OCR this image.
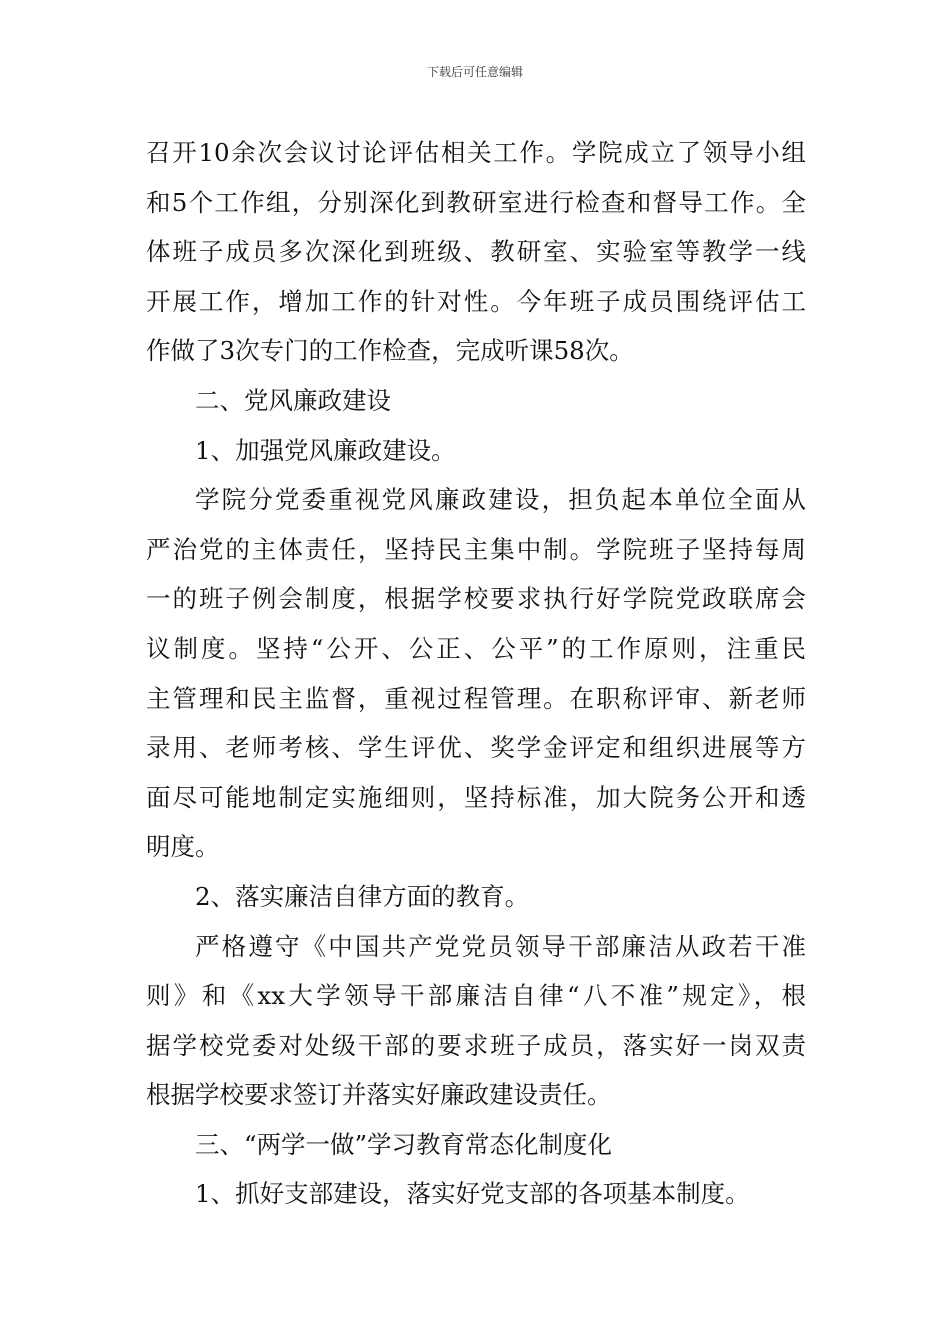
下载后可任意编辑
召开10余次会议讨论评估相关工作。学院成立了领导小组
和5个工作组，分别深化到教研室进行检查和督导工作。全
体班子成员多次深化到班级、教研室、实验室等教学一线
开展工作，增加工作的针对性。今年班子成员围绕评估工
作做了3次专门的工作检查，完成听课58次。
二、党风廉政建设
1、加强党风廉政建设。
学院分党委重视党风廉政建设，担负起本单位全面从
严治党的主体责任，坚持民主集中制。学院班子坚持每周
一的班子例会制度，根据学校要求执行好学院党政联席会
议制度。坚持“公开、公正、公平”的工作原则，注重民
主管理和民主监督，重视过程管理。在职称评审、新老师
录用、老师考核、学生评优、奖学金评定和组织进展等方
面尽可能地制定实施细则，坚持标准，加大院务公开和透
明度。
2、落实廉洁自律方面的教育。
严格遵守《中国共产党党员领导干部廉洁从政若干准
则》和《xx大学领导干部廉洁自律“八不准”规定》，根
据学校党委对处级干部的要求班子成员，落实好一岗双责
根据学校要求签订并落实好廉政建设责任。
三、“两学一做”学习教育常态化制度化
1、抓好支部建设，落实好党支部的各项基本制度。
